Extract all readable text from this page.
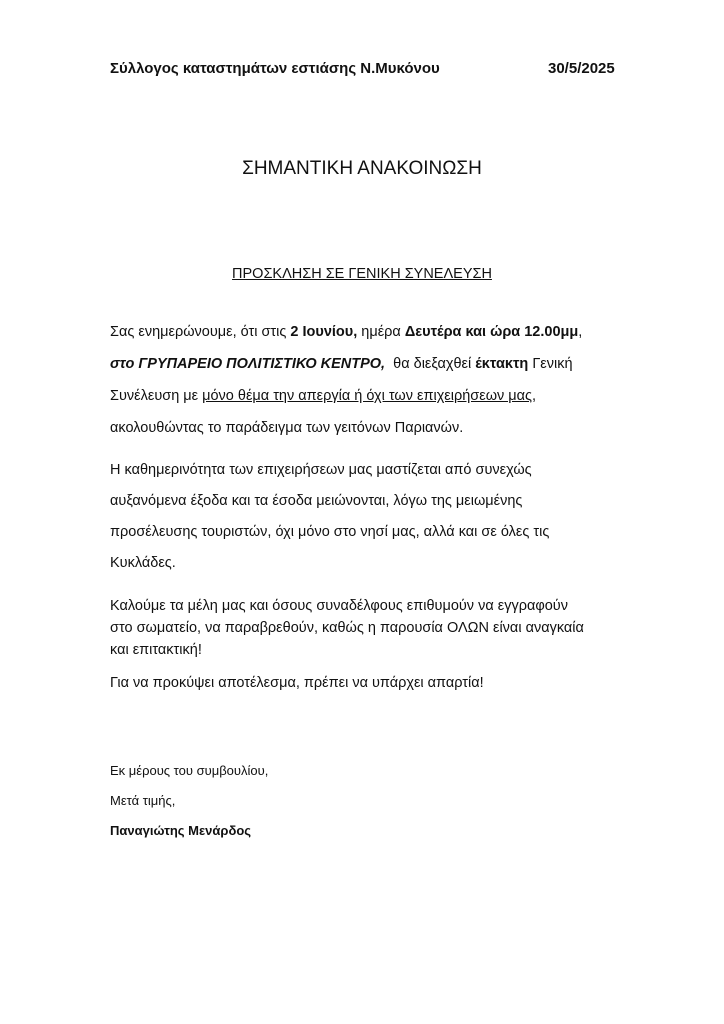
Σύλλογος καταστημάτων εστιάσης Ν.Μυκόνου	30/5/2025
ΣΗΜΑΝΤΙΚΗ ΑΝΑΚΟΙΝΩΣΗ
ΠΡΟΣΚΛΗΣΗ ΣΕ ΓΕΝΙΚΗ ΣΥΝΕΛΕΥΣΗ
Σας ενημερώνουμε, ότι στις 2 Ιουνίου, ημέρα Δευτέρα και ώρα 12.00μμ,
στο ΓΡΥΠΑΡΕΙΟ ΠΟΛΙΤΙΣΤΙΚΟ ΚΕΝΤΡΟ,  θα διεξαχθεί έκτακτη Γενική
Συνέλευση με μόνο θέμα την απεργία ή όχι των επιχειρήσεων μας,
ακολουθώντας το παράδειγμα των γειτόνων Παριανών.
Η καθημερινότητα των επιχειρήσεων μας μαστίζεται από συνεχώς
αυξανόμενα έξοδα και τα έσοδα μειώνονται, λόγω της μειωμένης
προσέλευσης τουριστών, όχι μόνο στο νησί μας, αλλά και σε όλες τις
Κυκλάδες.
Καλούμε τα μέλη μας και όσους συναδέλφους επιθυμούν να εγγραφούν
στο σωματείο, να παραβρεθούν, καθώς η παρουσία ΟΛΩΝ είναι αναγκαία
και επιτακτική!
Για να προκύψει αποτέλεσμα, πρέπει να υπάρχει απαρτία!
Εκ μέρους του συμβουλίου,
Μετά τιμής,
Παναγιώτης Μενάρδος
